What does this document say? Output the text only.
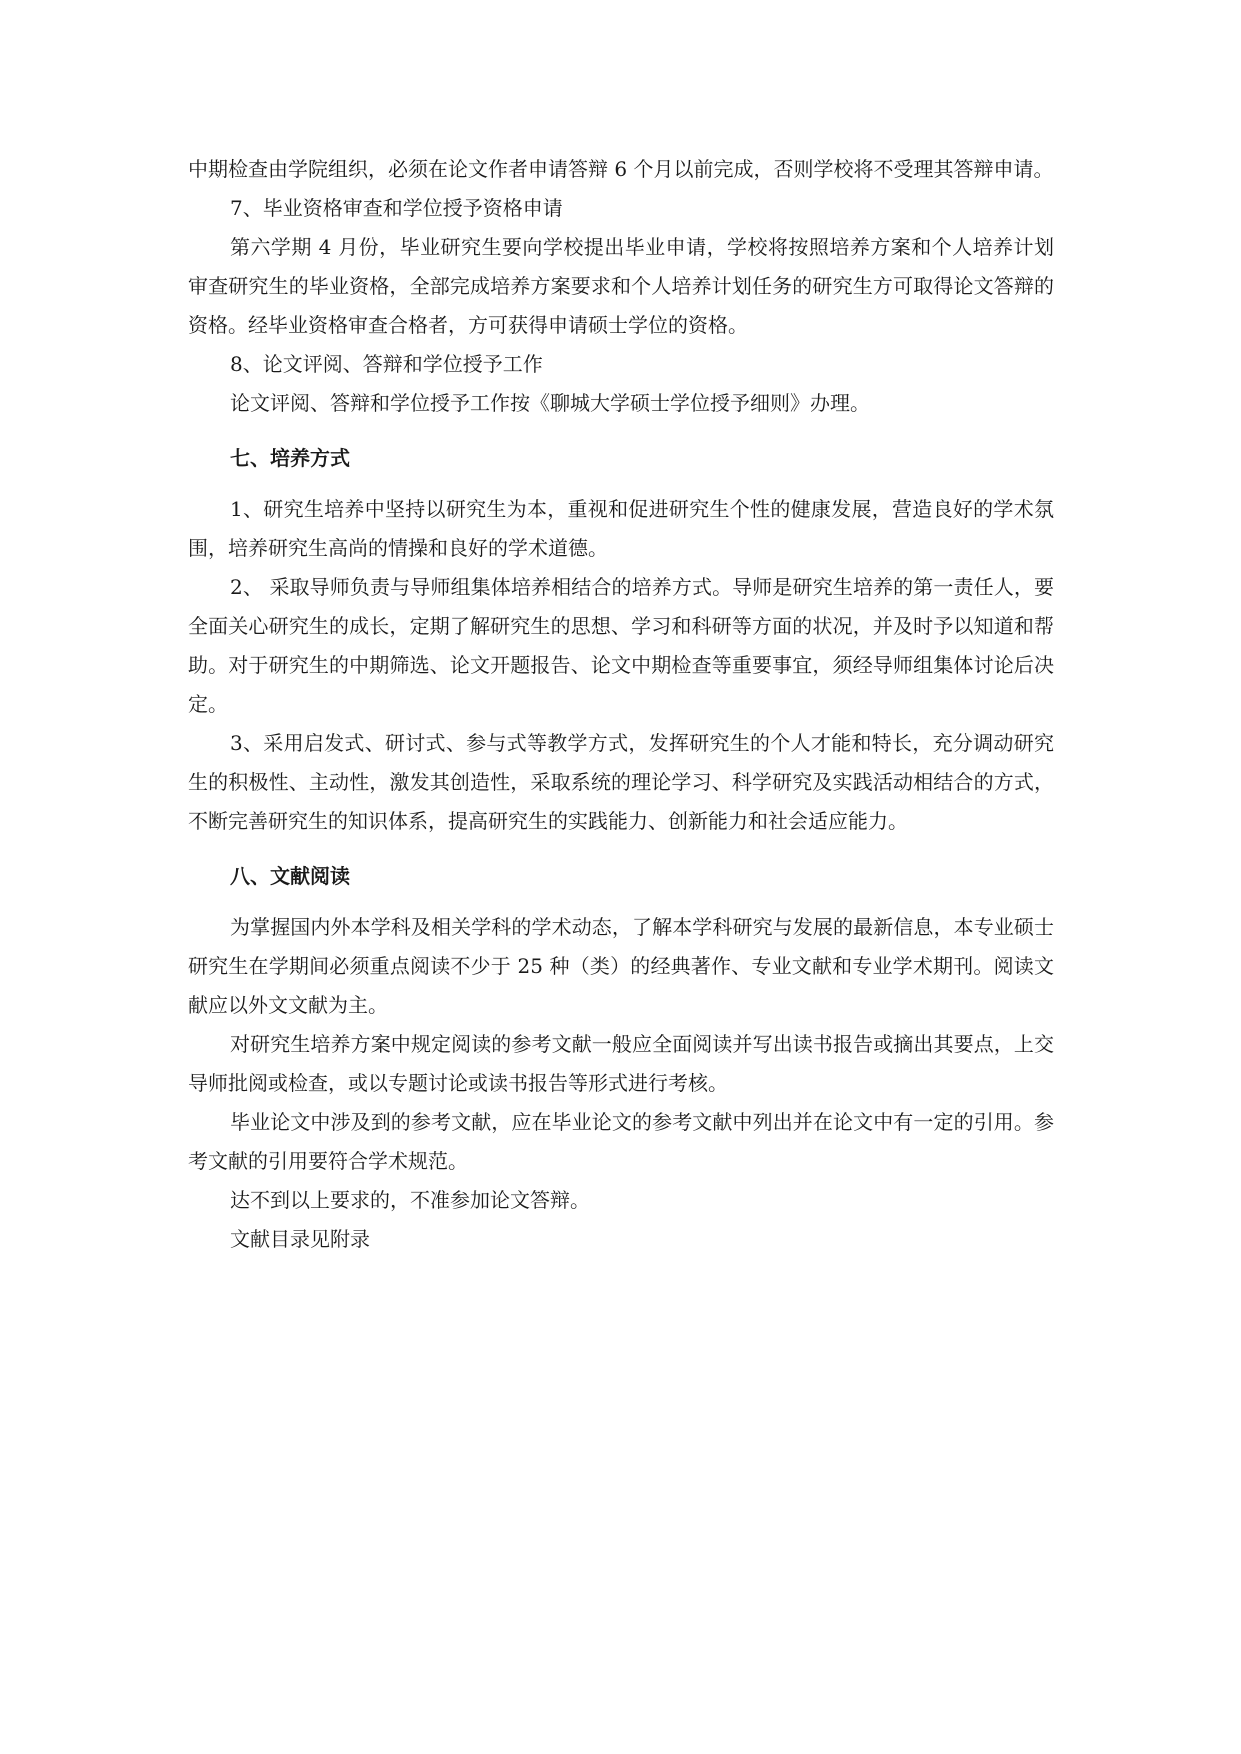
中期检查由学院组织，必须在论文作者申请答辩 6 个月以前完成，否则学校将不受理其答辩申请。

7、毕业资格审查和学位授予资格申请

第六学期 4 月份，毕业研究生要向学校提出毕业申请，学校将按照培养方案和个人培养计划审查研究生的毕业资格，全部完成培养方案要求和个人培养计划任务的研究生方可取得论文答辩的资格。经毕业资格审查合格者，方可获得申请硕士学位的资格。

8、论文评阅、答辩和学位授予工作

论文评阅、答辩和学位授予工作按《聊城大学硕士学位授予细则》办理。

七、培养方式

1、研究生培养中坚持以研究生为本，重视和促进研究生个性的健康发展，营造良好的学术氛围，培养研究生高尚的情操和良好的学术道德。

2、 采取导师负责与导师组集体培养相结合的培养方式。导师是研究生培养的第一责任人，要全面关心研究生的成长，定期了解研究生的思想、学习和科研等方面的状况，并及时予以知道和帮助。对于研究生的中期筛选、论文开题报告、论文中期检查等重要事宜，须经导师组集体讨论后决定。

3、采用启发式、研讨式、参与式等教学方式，发挥研究生的个人才能和特长，充分调动研究生的积极性、主动性，激发其创造性，采取系统的理论学习、科学研究及实践活动相结合的方式，不断完善研究生的知识体系，提高研究生的实践能力、创新能力和社会适应能力。

八、文献阅读

为掌握国内外本学科及相关学科的学术动态，了解本学科研究与发展的最新信息，本专业硕士研究生在学期间必须重点阅读不少于 25 种（类）的经典著作、专业文献和专业学术期刊。阅读文献应以外文文献为主。

对研究生培养方案中规定阅读的参考文献一般应全面阅读并写出读书报告或摘出其要点，上交导师批阅或检查，或以专题讨论或读书报告等形式进行考核。

毕业论文中涉及到的参考文献，应在毕业论文的参考文献中列出并在论文中有一定的引用。参考文献的引用要符合学术规范。

达不到以上要求的，不准参加论文答辩。

文献目录见附录
